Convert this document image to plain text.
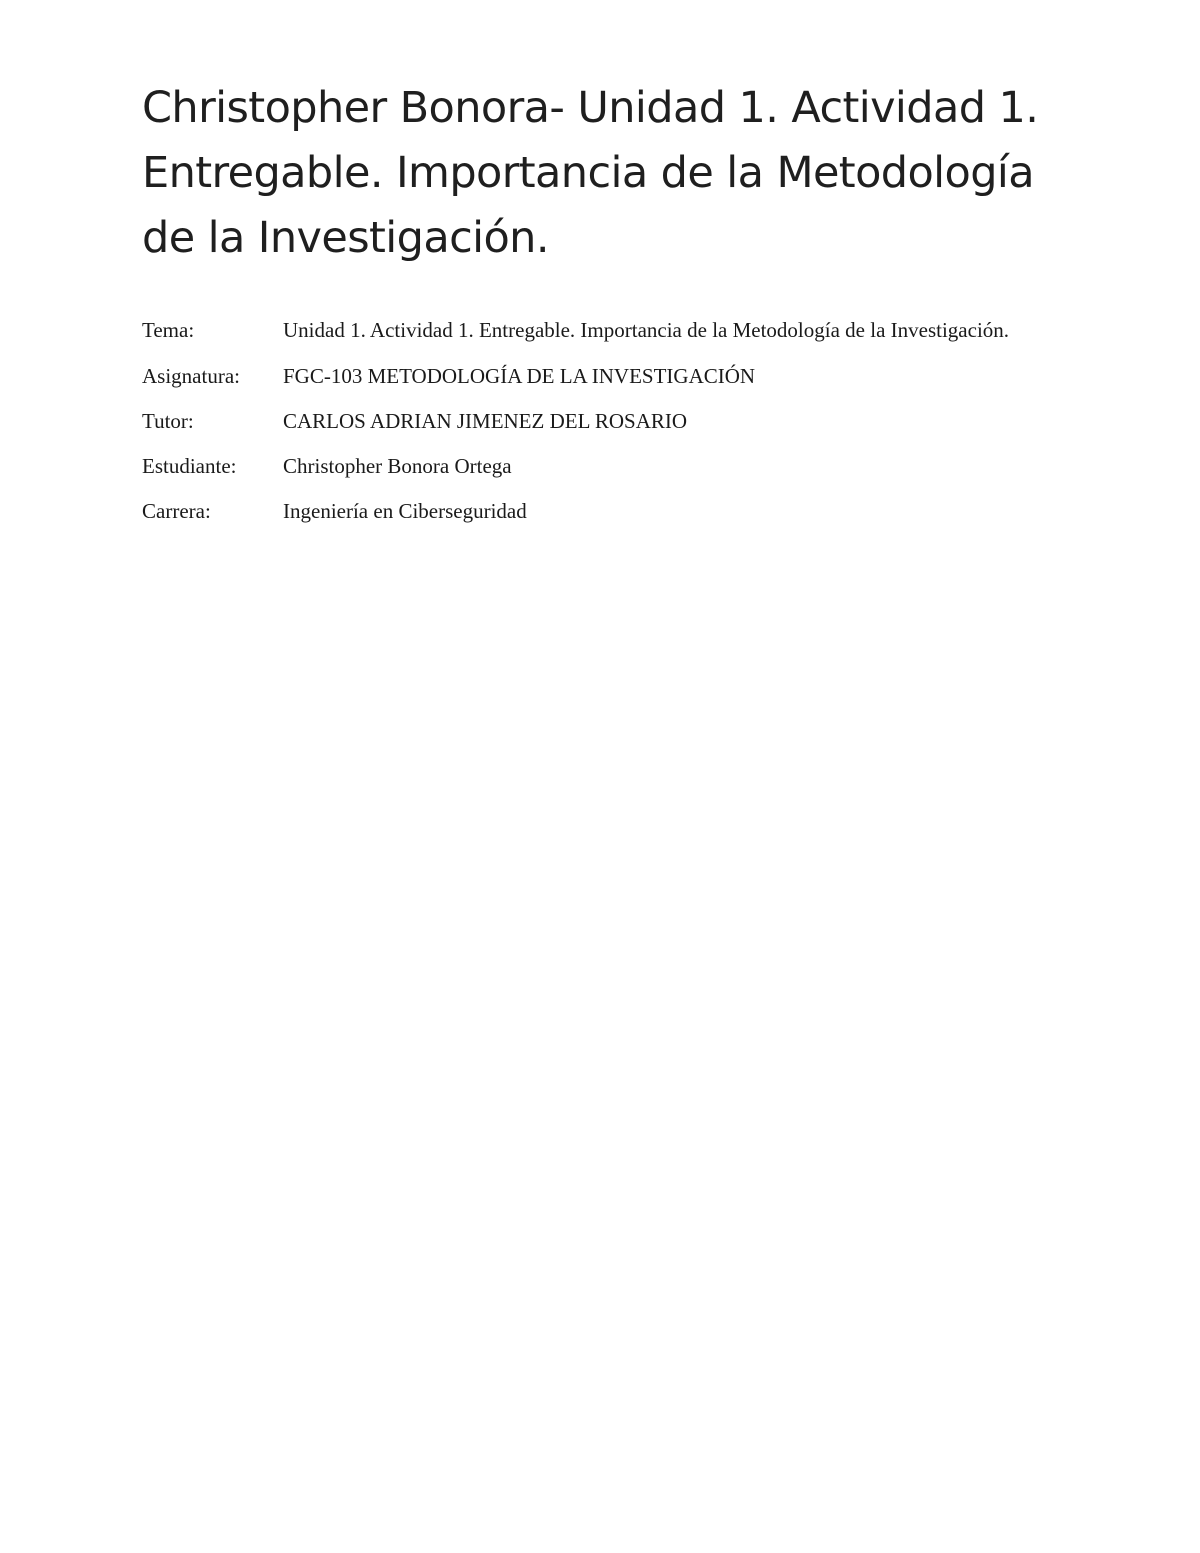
Christopher Bonora- Unidad 1. Actividad 1. Entregable. Importancia de la Metodología de la Investigación.

Tema:	Unidad 1. Actividad 1. Entregable. Importancia de la Metodología de la Investigación.

Asignatura: FGC-103 METODOLOGÍA DE LA INVESTIGACIÓN

Tutor:	CARLOS ADRIAN JIMENEZ DEL ROSARIO

Estudiante: Christopher Bonora Ortega

Carrera:	Ingeniería en Ciberseguridad
